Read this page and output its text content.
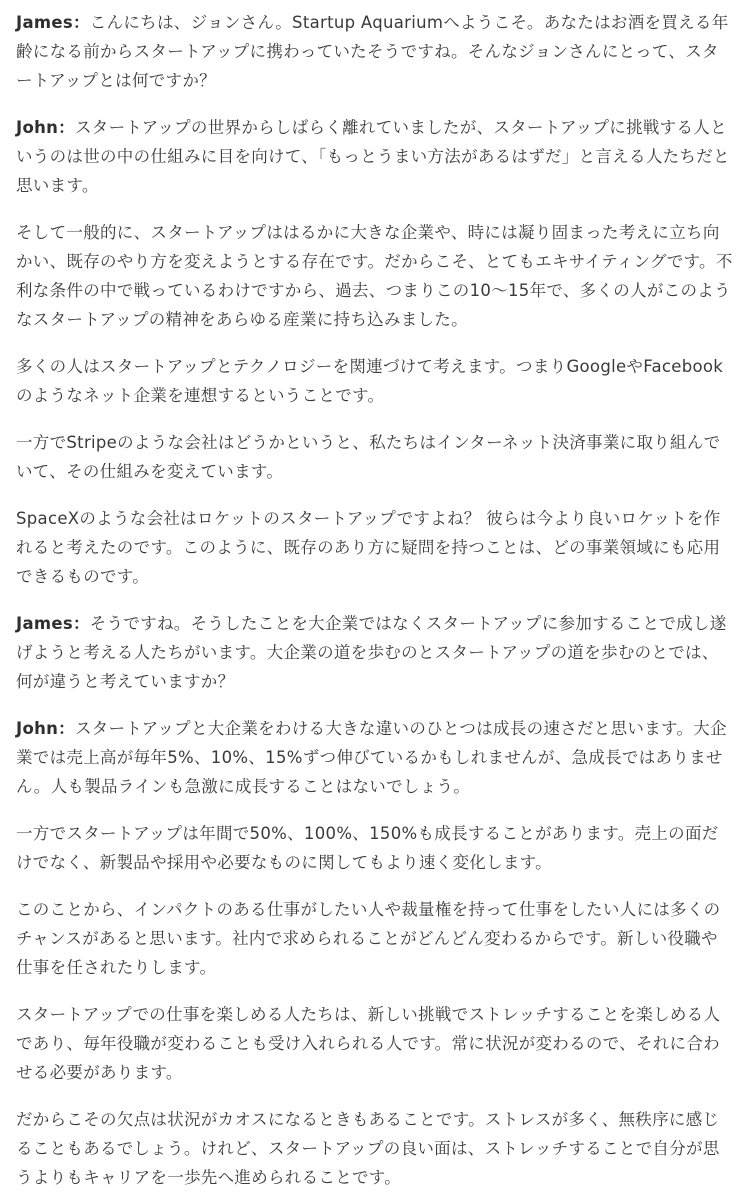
James：こんにちは、ジョンさん。Startup Aquariumへようこそ。あなたはお酒を買える年齢になる前からスタートアップに携わっていたそうですね。そんなジョンさんにとって、スタートアップとは何ですか？

John：スタートアップの世界からしばらく離れていましたが、スタートアップに挑戦する人というのは世の中の仕組みに目を向けて、「もっとうまい方法があるはずだ」と言える人たちだと思います。

そして一般的に、スタートアップははるかに大きな企業や、時には凝り固まった考えに立ち向かい、既存のやり方を変えようとする存在です。だからこそ、とてもエキサイティングです。不利な条件の中で戦っているわけですから、過去、つまりこの10〜15年で、多くの人がこのようなスタートアップの精神をあらゆる産業に持ち込みました。

多くの人はスタートアップとテクノロジーを関連づけて考えます。つまりGoogleやFacebookのようなネット企業を連想するということです。

一方でStripeのような会社はどうかというと、私たちはインターネット決済事業に取り組んでいて、その仕組みを変えています。

SpaceXのような会社はロケットのスタートアップですよね？ 彼らは今より良いロケットを作れると考えたのです。このように、既存のあり方に疑問を持つことは、どの事業領域にも応用できるものです。

James：そうですね。そうしたことを大企業ではなくスタートアップに参加することで成し遂げようと考える人たちがいます。大企業の道を歩むのとスタートアップの道を歩むのとでは、何が違うと考えていますか？

John：スタートアップと大企業をわける大きな違いのひとつは成長の速さだと思います。大企業では売上高が毎年5%、10%、15%ずつ伸びているかもしれませんが、急成長ではありません。人も製品ラインも急激に成長することはないでしょう。

一方でスタートアップは年間で50%、100%、150%も成長することがあります。売上の面だけでなく、新製品や採用や必要なものに関してもより速く変化します。

このことから、インパクトのある仕事がしたい人や裁量権を持って仕事をしたい人には多くのチャンスがあると思います。社内で求められることがどんどん変わるからです。新しい役職や仕事を任されたりします。

スタートアップでの仕事を楽しめる人たちは、新しい挑戦でストレッチすることを楽しめる人であり、毎年役職が変わることも受け入れられる人です。常に状況が変わるので、それに合わせる必要があります。

だからこその欠点は状況がカオスになるときもあることです。ストレスが多く、無秩序に感じることもあるでしょう。けれど、スタートアップの良い面は、ストレッチすることで自分が思うよりもキャリアを一歩先へ進められることです。
